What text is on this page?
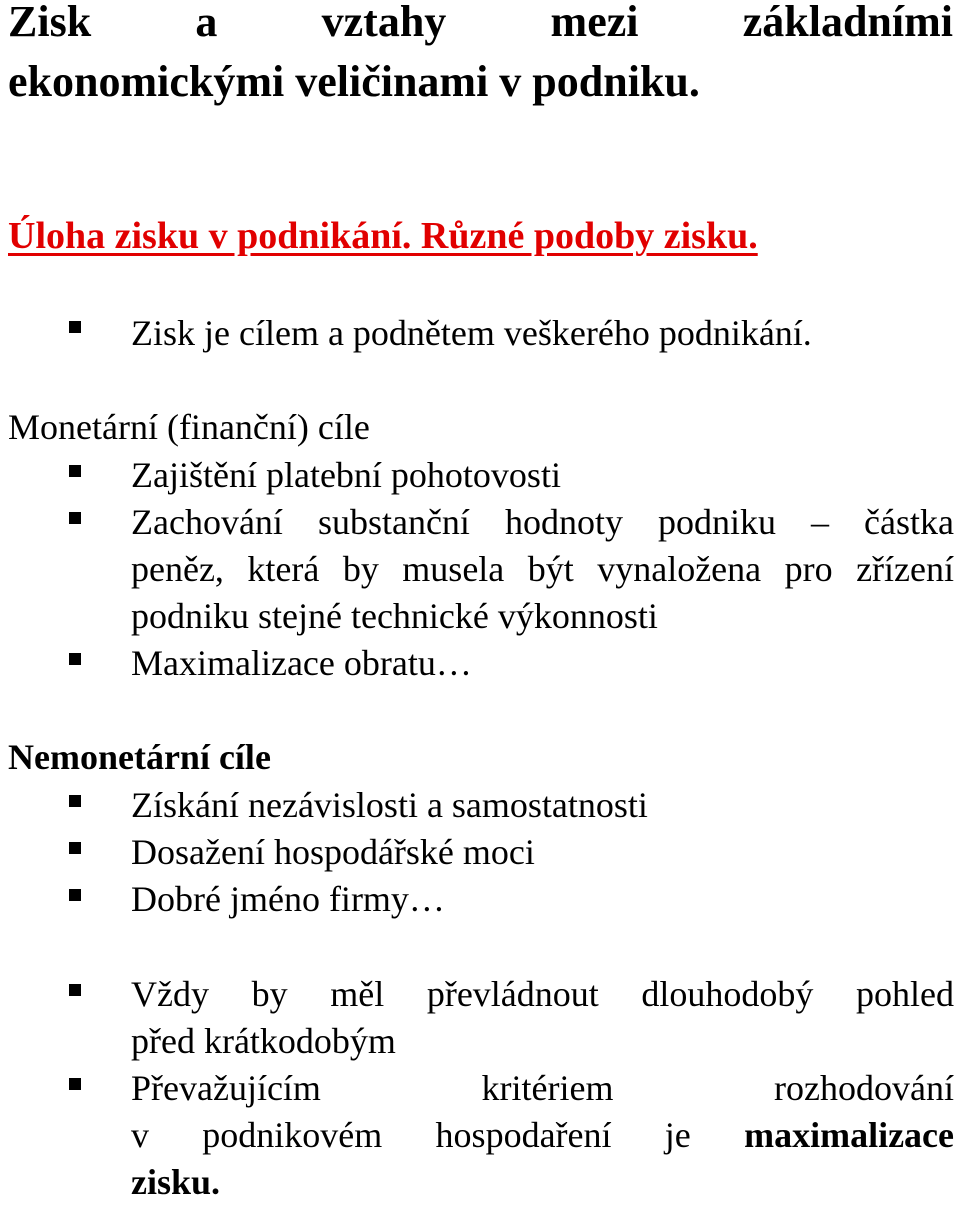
Zisk a vztahy mezi základními
ekonomickými veličinami v podniku.
Úloha zisku v podnikání. Různé podoby zisku.
Zisk je cílem a podnětem veškerého podnikání.
Monetární (finanční) cíle
Zajištění platební pohotovosti
Zachování substanční hodnoty podniku – částka
peněz, která by musela být vynaložena pro zřízení
podniku stejné technické výkonnosti
Maximalizace obratu…
Nemonetární cíle
Získání nezávislosti a samostatnosti
Dosažení hospodářské moci
Dobré jméno firmy…
Vždy by měl převládnout dlouhodobý pohled
před krátkodobým
Převažujícím kritériem rozhodování
v podnikovém hospodaření je maximalizace
zisku.
